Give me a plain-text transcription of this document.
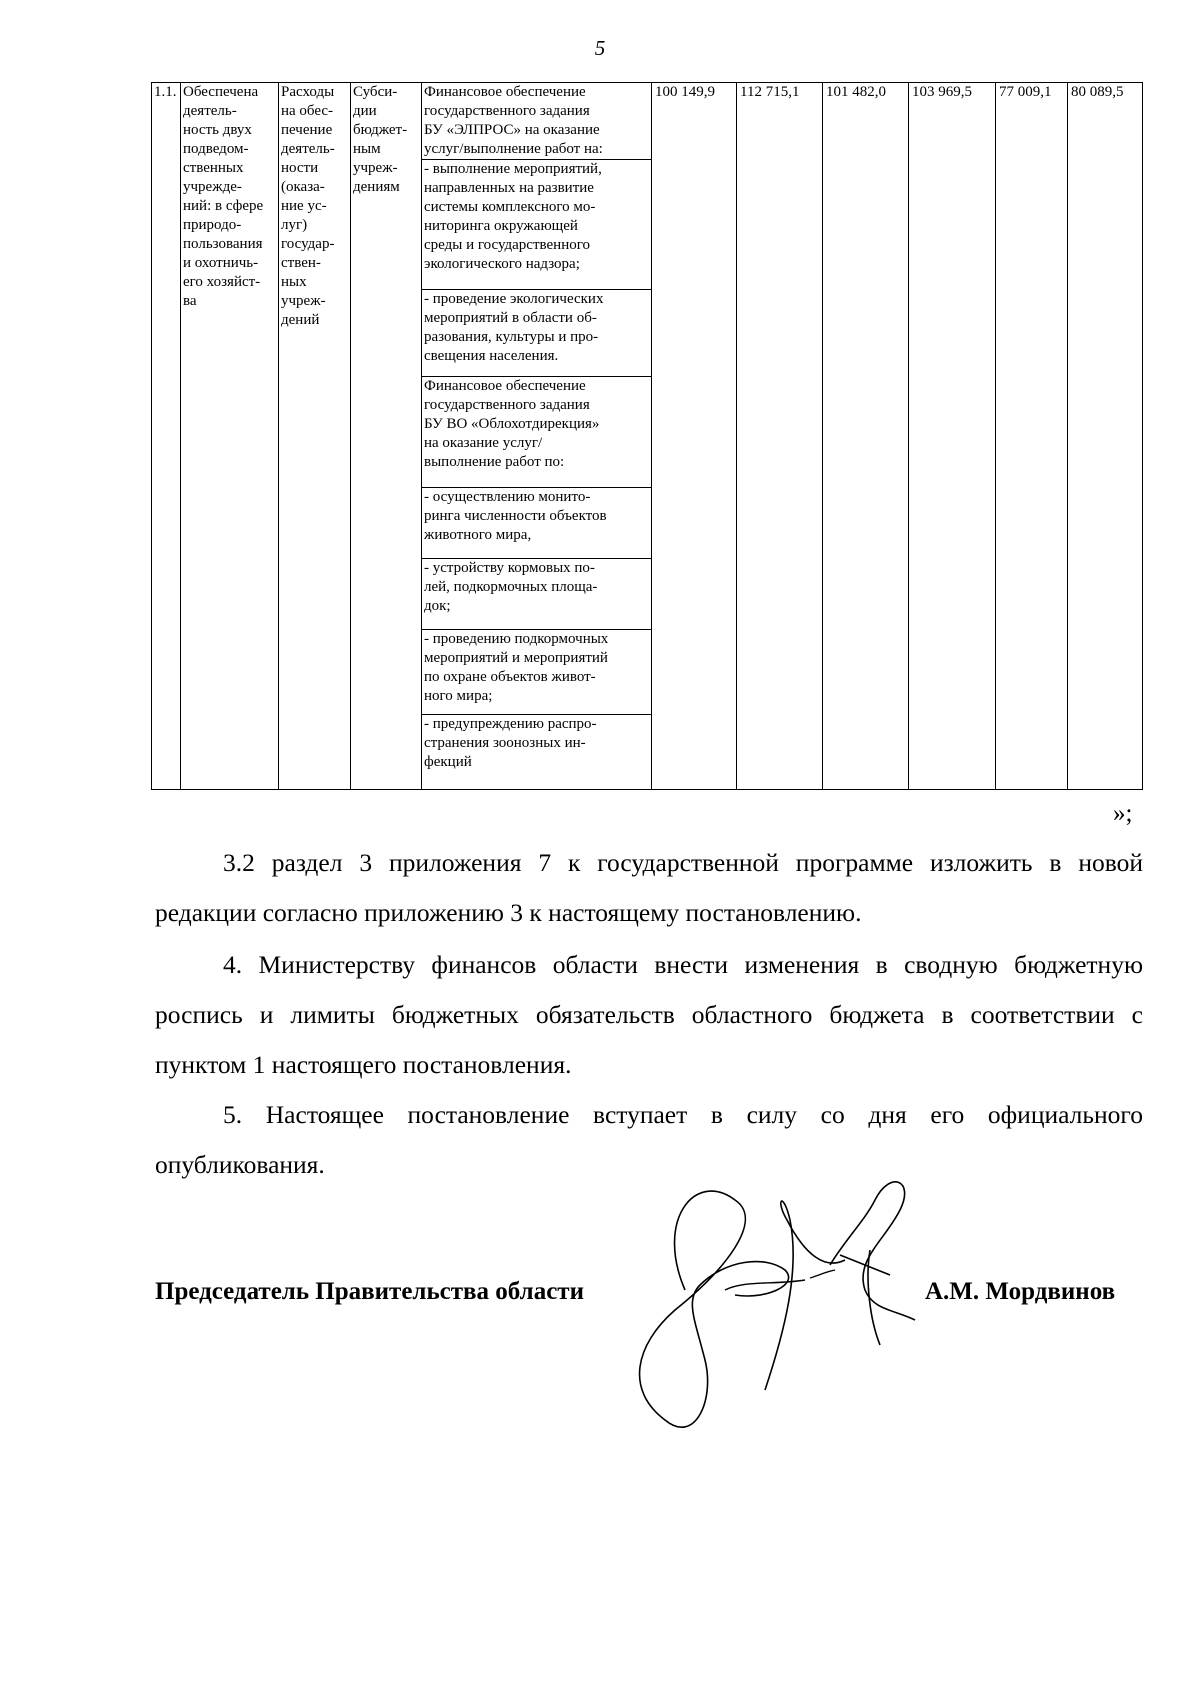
5
1.1.	Обеспечена
деятель-
ность двух
подведом-
ственных
учрежде-
ний: в сфере
природо-
пользования
и охотничь-
его хозяйст-
ва	Расходы
на обес-
печение
деятель-
ности
(оказа-
ние ус-
луг)
государ-
ствен-
ных
учреж-
дений	Субси-
дии
бюджет-
ным
учреж-
дениям	Финансовое обеспечение
государственного задания
БУ «ЭЛПРОС» на оказание
услуг/выполнение работ на:	100 149,9	112 715,1	101 482,0	103 969,5	77 009,1	80 089,5
- выполнение мероприятий,
направленных на развитие
системы комплексного мо-
ниторинга окружающей
среды и государственного
экологического надзора;
- проведение экологических
мероприятий в области об-
разования, культуры и про-
свещения населения.
Финансовое обеспечение
государственного задания
БУ ВО «Облохотдирекция»
на оказание услуг/
выполнение работ по:
- осуществлению монито-
ринга численности объектов
животного мира,
- устройству кормовых по-
лей, подкормочных площа-
док;
- проведению подкормочных
мероприятий и мероприятий
по охране объектов живот-
ного мира;
- предупреждению распро-
странения зоонозных ин-
фекций
»;

3.2 раздел 3 приложения 7 к государственной программе изложить в новой редакции согласно приложению 3 к настоящему постановлению.

4. Министерству финансов области внести изменения в сводную бюджетную роспись и лимиты бюджетных обязательств областного бюджета в соответствии с пунктом 1 настоящего постановления.

5. Настоящее постановление вступает в силу со дня его официального опубликования.

Председатель Правительства области	А.М. Мордвинов
